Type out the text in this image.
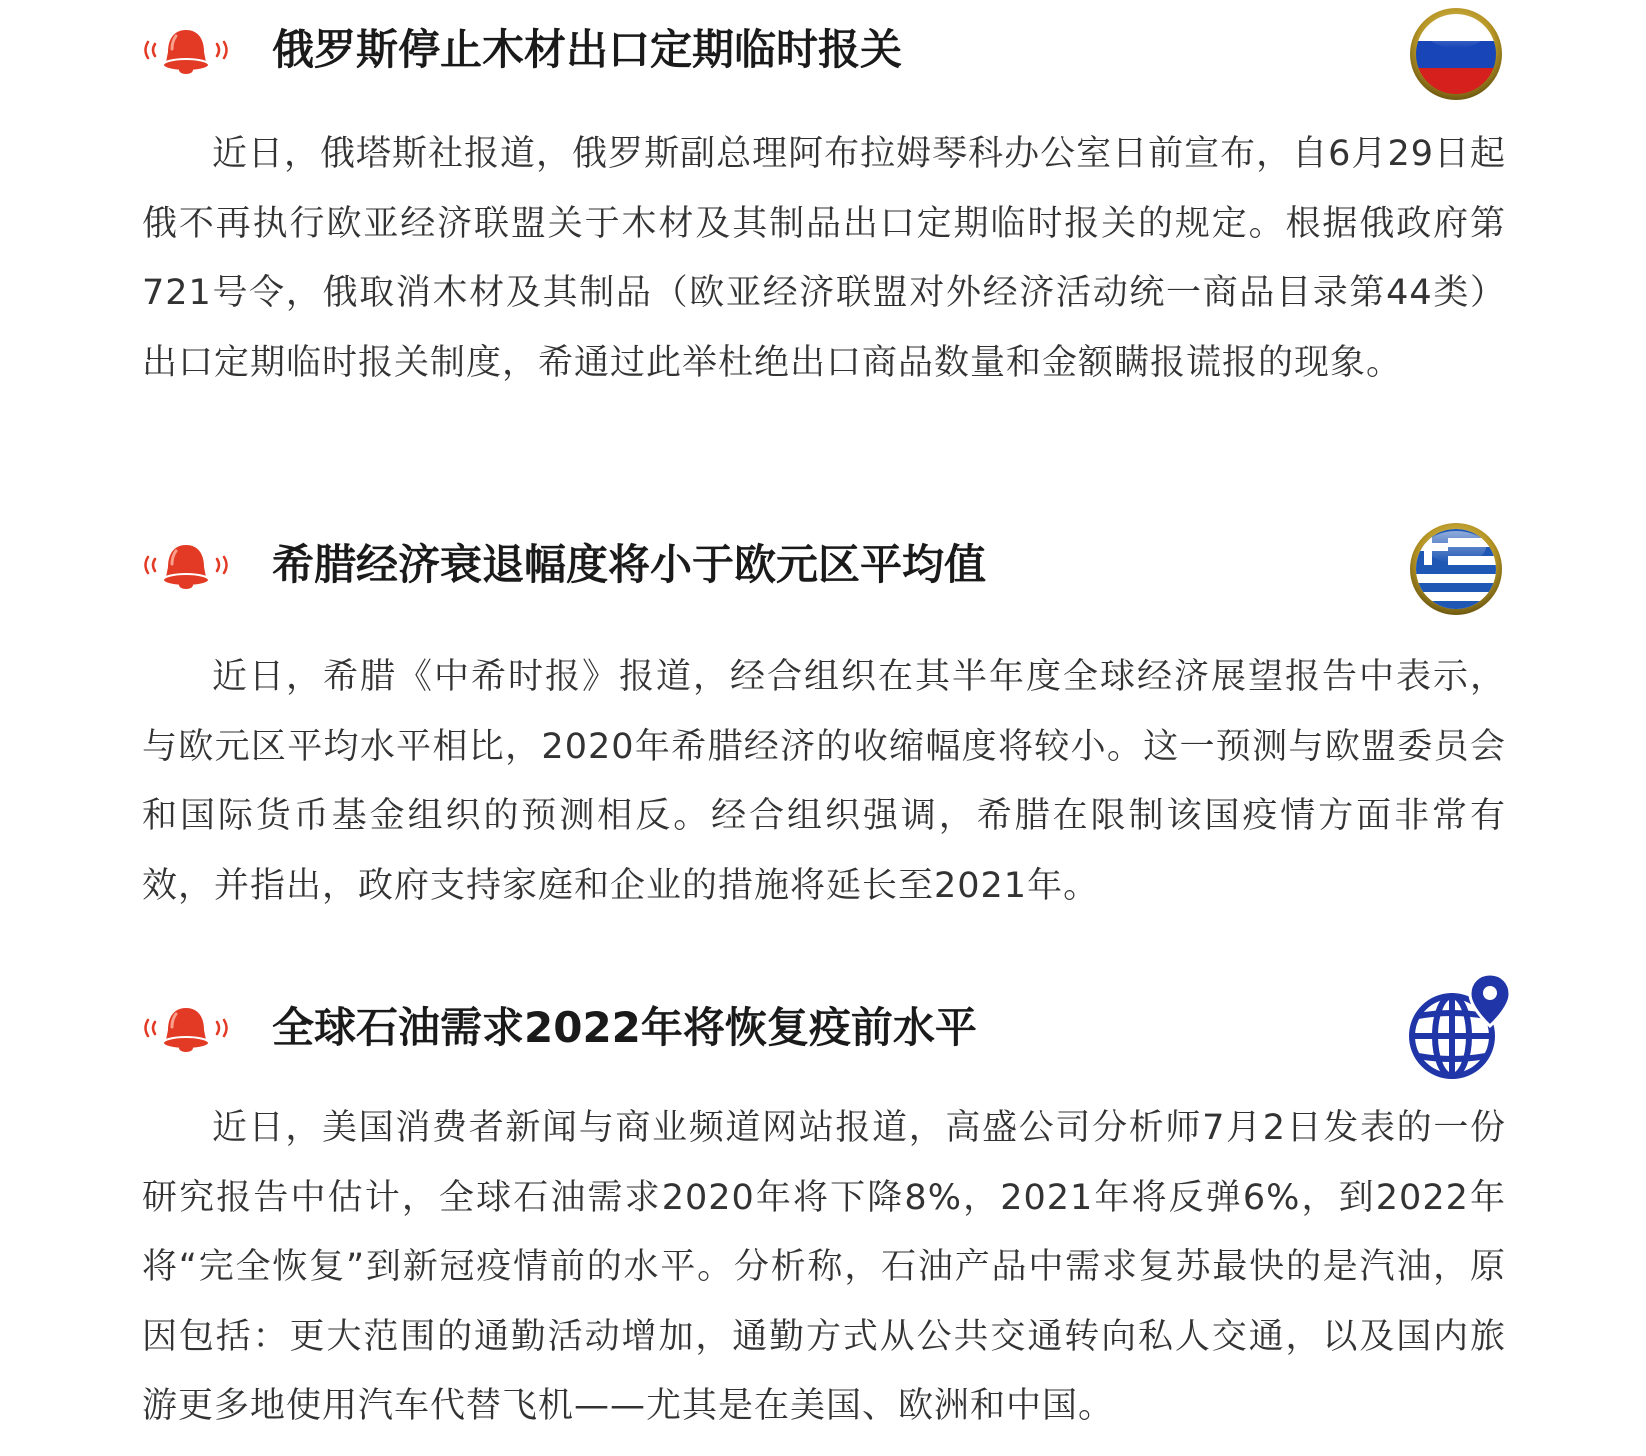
俄罗斯停止木材出口定期临时报关

近日，俄塔斯社报道，俄罗斯副总理阿布拉姆琴科办公室日前宣布，自6月29日起俄不再执行欧亚经济联盟关于木材及其制品出口定期临时报关的规定。根据俄政府第721号令，俄取消木材及其制品（欧亚经济联盟对外经济活动统一商品目录第44类）出口定期临时报关制度，希通过此举杜绝出口商品数量和金额瞒报谎报的现象。

希腊经济衰退幅度将小于欧元区平均值

近日，希腊《中希时报》报道，经合组织在其半年度全球经济展望报告中表示，与欧元区平均水平相比，2020年希腊经济的收缩幅度将较小。这一预测与欧盟委员会和国际货币基金组织的预测相反。经合组织强调，希腊在限制该国疫情方面非常有效，并指出，政府支持家庭和企业的措施将延长至2021年。

全球石油需求2022年将恢复疫前水平

近日，美国消费者新闻与商业频道网站报道，高盛公司分析师7月2日发表的一份研究报告中估计，全球石油需求2020年将下降8%，2021年将反弹6%，到2022年将“完全恢复”到新冠疫情前的水平。分析称，石油产品中需求复苏最快的是汽油，原因包括：更大范围的通勤活动增加，通勤方式从公共交通转向私人交通，以及国内旅游更多地使用汽车代替飞机——尤其是在美国、欧洲和中国。
